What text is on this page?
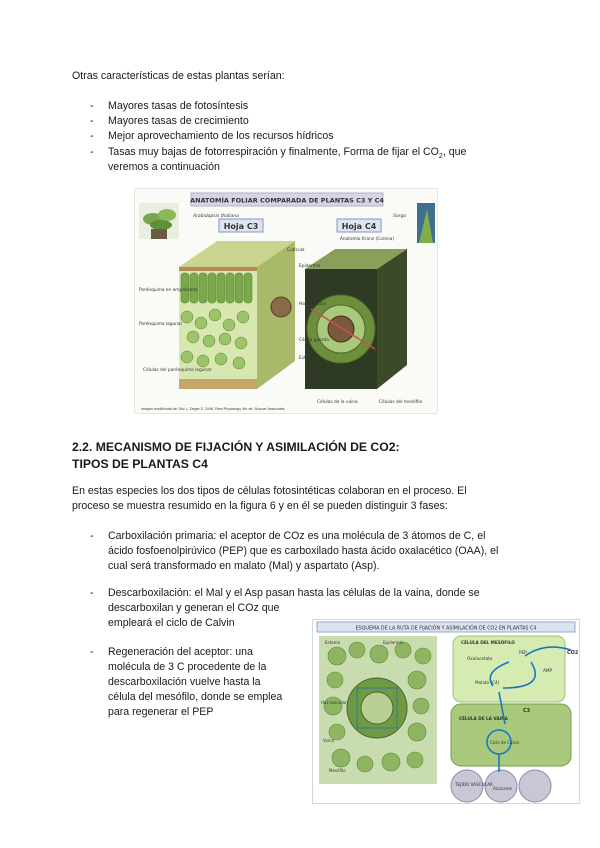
Otras características de estas plantas serían:
- Mayores tasas de fotosíntesis
- Mayores tasas de crecimiento
- Mejor aprovechamiento de los recursos hídricos
- Tasas muy bajas de fotorrespiración y finalmente, Forma de fijar el $CO_2$, que
veremos a continuación
ANATOMÍA FOLIAR COMPARADA DE PLANTAS C3 Y C4
Arabidopsis thaliana	Sorgo
Hoja C3	Hoja C4
Anatomía Kranz (Corona)
Parénquima en empalizada
Parénquima lagunar
Células del parénquima lagunar
Cutícula
Epidermis
Haz vascular
Célula guarda
Estoma
Células de la vaina	Células del mesófilo
Imagen modificada de: Taiz L, Zeiger E. 2006. Plant Physiology 4th ed. Sinauer Associates
2.2. MECANISMO DE FIJACIÓN Y ASIMILACIÓN DE CO2:
TIPOS DE PLANTAS C4
En estas especies los dos tipos de células fotosintéticas colaboran en el proceso. El
proceso se muestra resumido en la figura 6 y en él se pueden distinguir 3 fases:
- Carboxilación primaria: el aceptor de COz es una molécula de 3 átomos de C, el
ácido fosfoenolpirúvico (PEP) que es carboxilado hasta ácido oxalacético (OAA), el
cual será transformado en malato (Mal) y aspartato (Asp).
- Descarboxilación: el Mal y el Asp pasan hasta las células de la vaina, donde se
descarboxilan y generan el COz que
empleará el ciclo de Calvin
- Regeneración del aceptor: una
molécula de 3 C procedente de la
descarboxilación vuelve hasta la
célula del mesófilo, donde se emplea
para regenerar el PEP
ESQUEMA DE LA RUTA DE FIJACIÓN Y ASIMILACIÓN DE CO2 EN PLANTAS C4
Estoma	Epidermis
Haz vascular
Vaina
Mesófilo
CÉLULA DEL MESÓFILO
CÉLULA DE LA VAINA
TEJIDO VASCULAR
Azúcares
Oxalacetato
PEP
AMP
Malato (C4)
CO2
C3
Ciclo de Calvin
